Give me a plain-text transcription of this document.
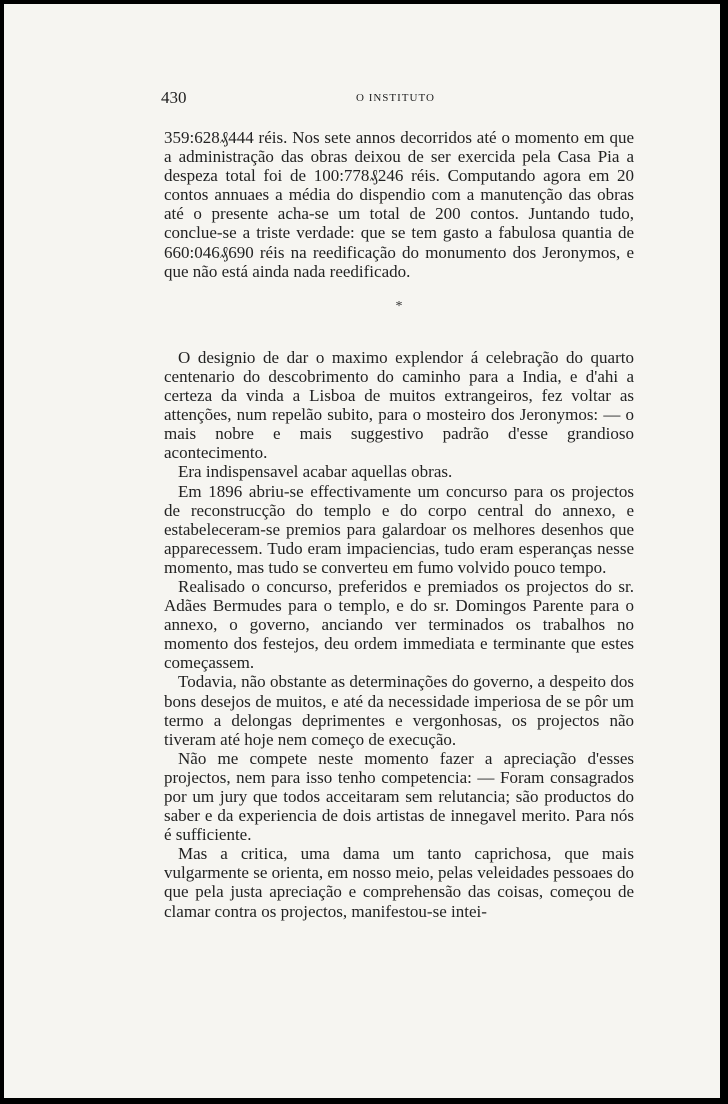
430	O INSTITUTO

359:628₰444 réis. Nos sete annos decorridos até o momento em que a administração das obras deixou de ser exercida pela Casa Pia a despeza total foi de 100:778₰246 réis. Computando agora em 20 contos annuaes a média do dispendio com a manutenção das obras até o presente acha-se um total de 200 contos. Juntando tudo, conclue-se a triste verdade: que se tem gasto a fabulosa quantia de 660:046₰690 réis na reedificação do monumento dos Jeronymos, e que não está ainda nada reedificado.

*

O designio de dar o maximo explendor á celebração do quarto centenario do descobrimento do caminho para a India, e d'ahi a certeza da vinda a Lisboa de muitos extrangeiros, fez voltar as attenções, num repelão subito, para o mosteiro dos Jeronymos: — o mais nobre e mais suggestivo padrão d'esse grandioso acontecimento.

Era indispensavel acabar aquellas obras.

Em 1896 abriu-se effectivamente um concurso para os projectos de reconstrucção do templo e do corpo central do annexo, e estabeleceram-se premios para galardoar os melhores desenhos que apparecessem. Tudo eram impaciencias, tudo eram esperanças nesse momento, mas tudo se converteu em fumo volvido pouco tempo.

Realisado o concurso, preferidos e premiados os projectos do sr. Adães Bermudes para o templo, e do sr. Domingos Parente para o annexo, o governo, anciando ver terminados os trabalhos no momento dos festejos, deu ordem immediata e terminante que estes começassem.

Todavia, não obstante as determinações do governo, a despeito dos bons desejos de muitos, e até da necessidade imperiosa de se pôr um termo a delongas deprimentes e vergonhosas, os projectos não tiveram até hoje nem começo de execução.

Não me compete neste momento fazer a apreciação d'esses projectos, nem para isso tenho competencia: — Foram consagrados por um jury que todos acceitaram sem relutancia; são productos do saber e da experiencia de dois artistas de innegavel merito. Para nós é sufficiente.

Mas a critica, uma dama um tanto caprichosa, que mais vulgarmente se orienta, em nosso meio, pelas veleidades pessoaes do que pela justa apreciação e comprehensão das coisas, começou de clamar contra os projectos, manifestou-se intei-
